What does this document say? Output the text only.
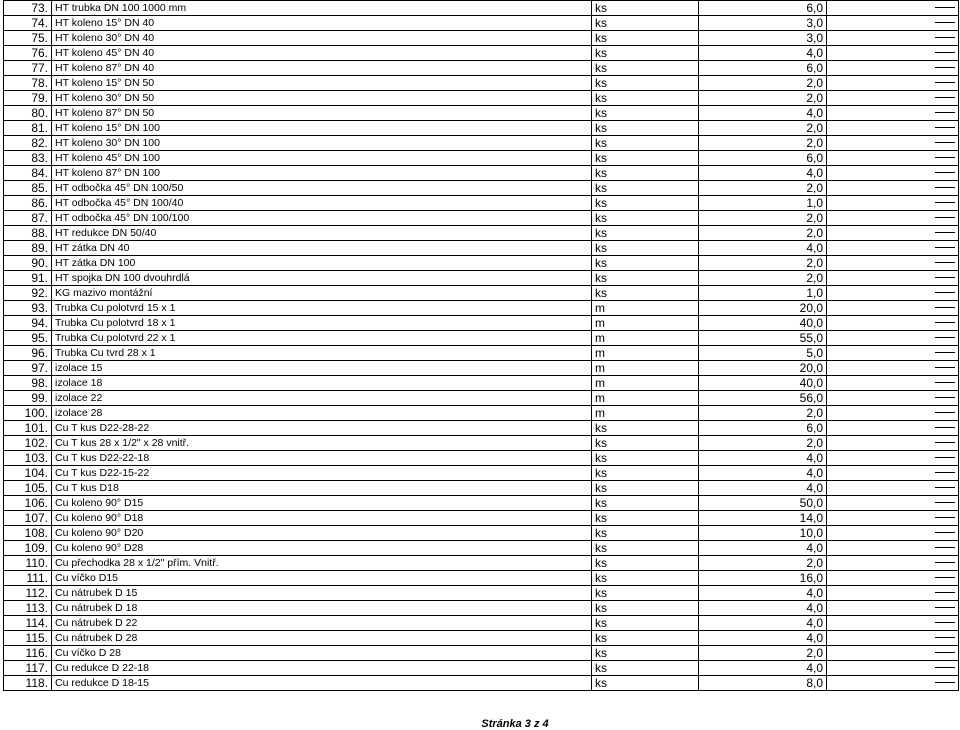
73.	HT trubka DN 100 1000 mm	ks	6,0	
74.	HT koleno 15° DN 40	ks	3,0	
75.	HT koleno 30° DN 40	ks	3,0	
76.	HT koleno 45° DN 40	ks	4,0	
77.	HT koleno 87° DN 40	ks	6,0	
78.	HT koleno 15° DN 50	ks	2,0	
79.	HT koleno 30° DN 50	ks	2,0	
80.	HT koleno 87° DN 50	ks	4,0	
81.	HT koleno 15° DN 100	ks	2,0	
82.	HT koleno 30° DN 100	ks	2,0	
83.	HT koleno 45° DN 100	ks	6,0	
84.	HT koleno 87° DN 100	ks	4,0	
85.	HT odbočka 45° DN 100/50	ks	2,0	
86.	HT odbočka 45° DN 100/40	ks	1,0	
87.	HT odbočka 45° DN 100/100	ks	2,0	
88.	HT redukce DN 50/40	ks	2,0	
89.	HT zátka DN 40	ks	4,0	
90.	HT zátka DN 100	ks	2,0	
91.	HT spojka DN 100 dvouhrdlá	ks	2,0	
92.	KG mazivo montážní	ks	1,0	
93.	Trubka Cu polotvrd 15 x 1	m	20,0	
94.	Trubka Cu polotvrd 18 x 1	m	40,0	
95.	Trubka Cu polotvrd 22 x 1	m	55,0	
96.	Trubka Cu tvrd 28 x 1	m	5,0	
97.	izolace 15	m	20,0	
98.	izolace 18	m	40,0	
99.	izolace 22	m	56,0	
100.	izolace 28	m	2,0	
101.	Cu T kus D22-28-22	ks	6,0	
102.	Cu T kus 28 x 1/2" x 28 vnitř.	ks	2,0	
103.	Cu T kus D22-22-18	ks	4,0	
104.	Cu T kus D22-15-22	ks	4,0	
105.	Cu T kus D18	ks	4,0	
106.	Cu koleno 90° D15	ks	50,0	
107.	Cu koleno 90° D18	ks	14,0	
108.	Cu koleno 90° D20	ks	10,0	
109.	Cu koleno 90° D28	ks	4,0	
110.	Cu přechodka 28 x 1/2" přím. Vnitř.	ks	2,0	
111.	Cu víčko D15	ks	16,0	
112.	Cu nátrubek D 15	ks	4,0	
113.	Cu nátrubek D 18	ks	4,0	
114.	Cu nátrubek D 22	ks	4,0	
115.	Cu nátrubek D 28	ks	4,0	
116.	Cu víčko D 28	ks	2,0	
117.	Cu redukce D 22-18	ks	4,0	
118.	Cu redukce D 18-15	ks	8,0	
Stránka 3 z 4
